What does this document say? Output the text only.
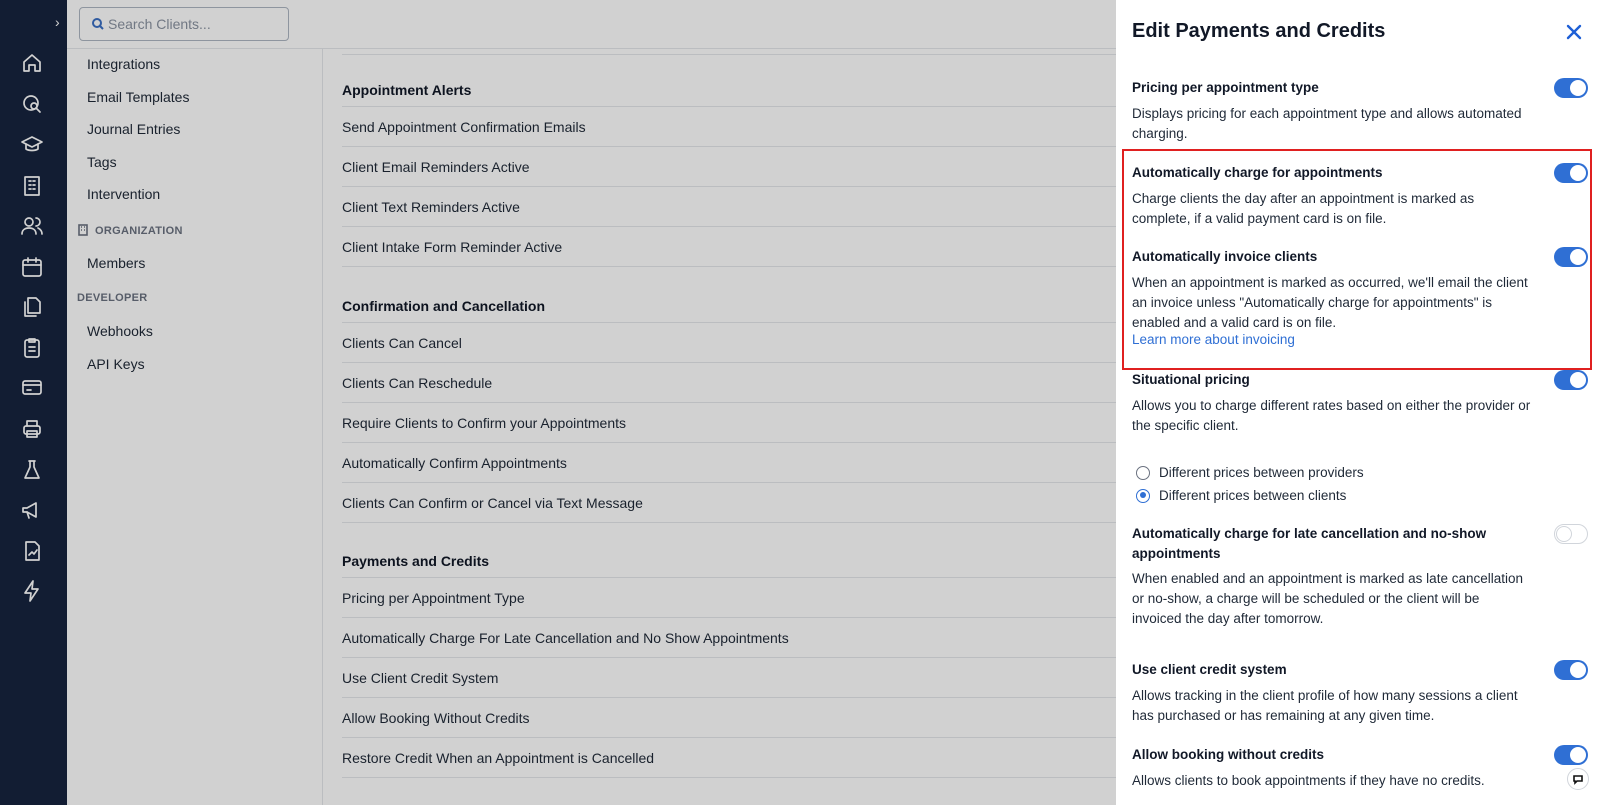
›
Search Clients...
Integrations
Email Templates
Journal Entries
Tags
Intervention
ORGANIZATION
Members
DEVELOPER
Webhooks
API Keys
Appointment Alerts
Send Appointment Confirmation Emails
Client Email Reminders Active
Client Text Reminders Active
Client Intake Form Reminder Active
Confirmation and Cancellation
Clients Can Cancel
Clients Can Reschedule
Require Clients to Confirm your Appointments
Automatically Confirm Appointments
Clients Can Confirm or Cancel via Text Message
Payments and Credits
Pricing per Appointment Type
Automatically Charge For Late Cancellation and No Show Appointments
Use Client Credit System
Allow Booking Without Credits
Restore Credit When an Appointment is Cancelled
Edit Payments and Credits
Pricing per appointment type
Displays pricing for each appointment type and allows automated charging.
Automatically charge for appointments
Charge clients the day after an appointment is marked as complete, if a valid payment card is on file.
Automatically invoice clients
When an appointment is marked as occurred, we'll email the client an invoice unless "Automatically charge for appointments" is enabled and a valid card is on file.
Learn more about invoicing
Situational pricing
Allows you to charge different rates based on either the provider or the specific client.
Different prices between providers
Different prices between clients
Automatically charge for late cancellation and no-show appointments
When enabled and an appointment is marked as late cancellation or no-show, a charge will be scheduled or the client will be invoiced the day after tomorrow.
Use client credit system
Allows tracking in the client profile of how many sessions a client has purchased or has remaining at any given time.
Allow booking without credits
Allows clients to book appointments if they have no credits.
